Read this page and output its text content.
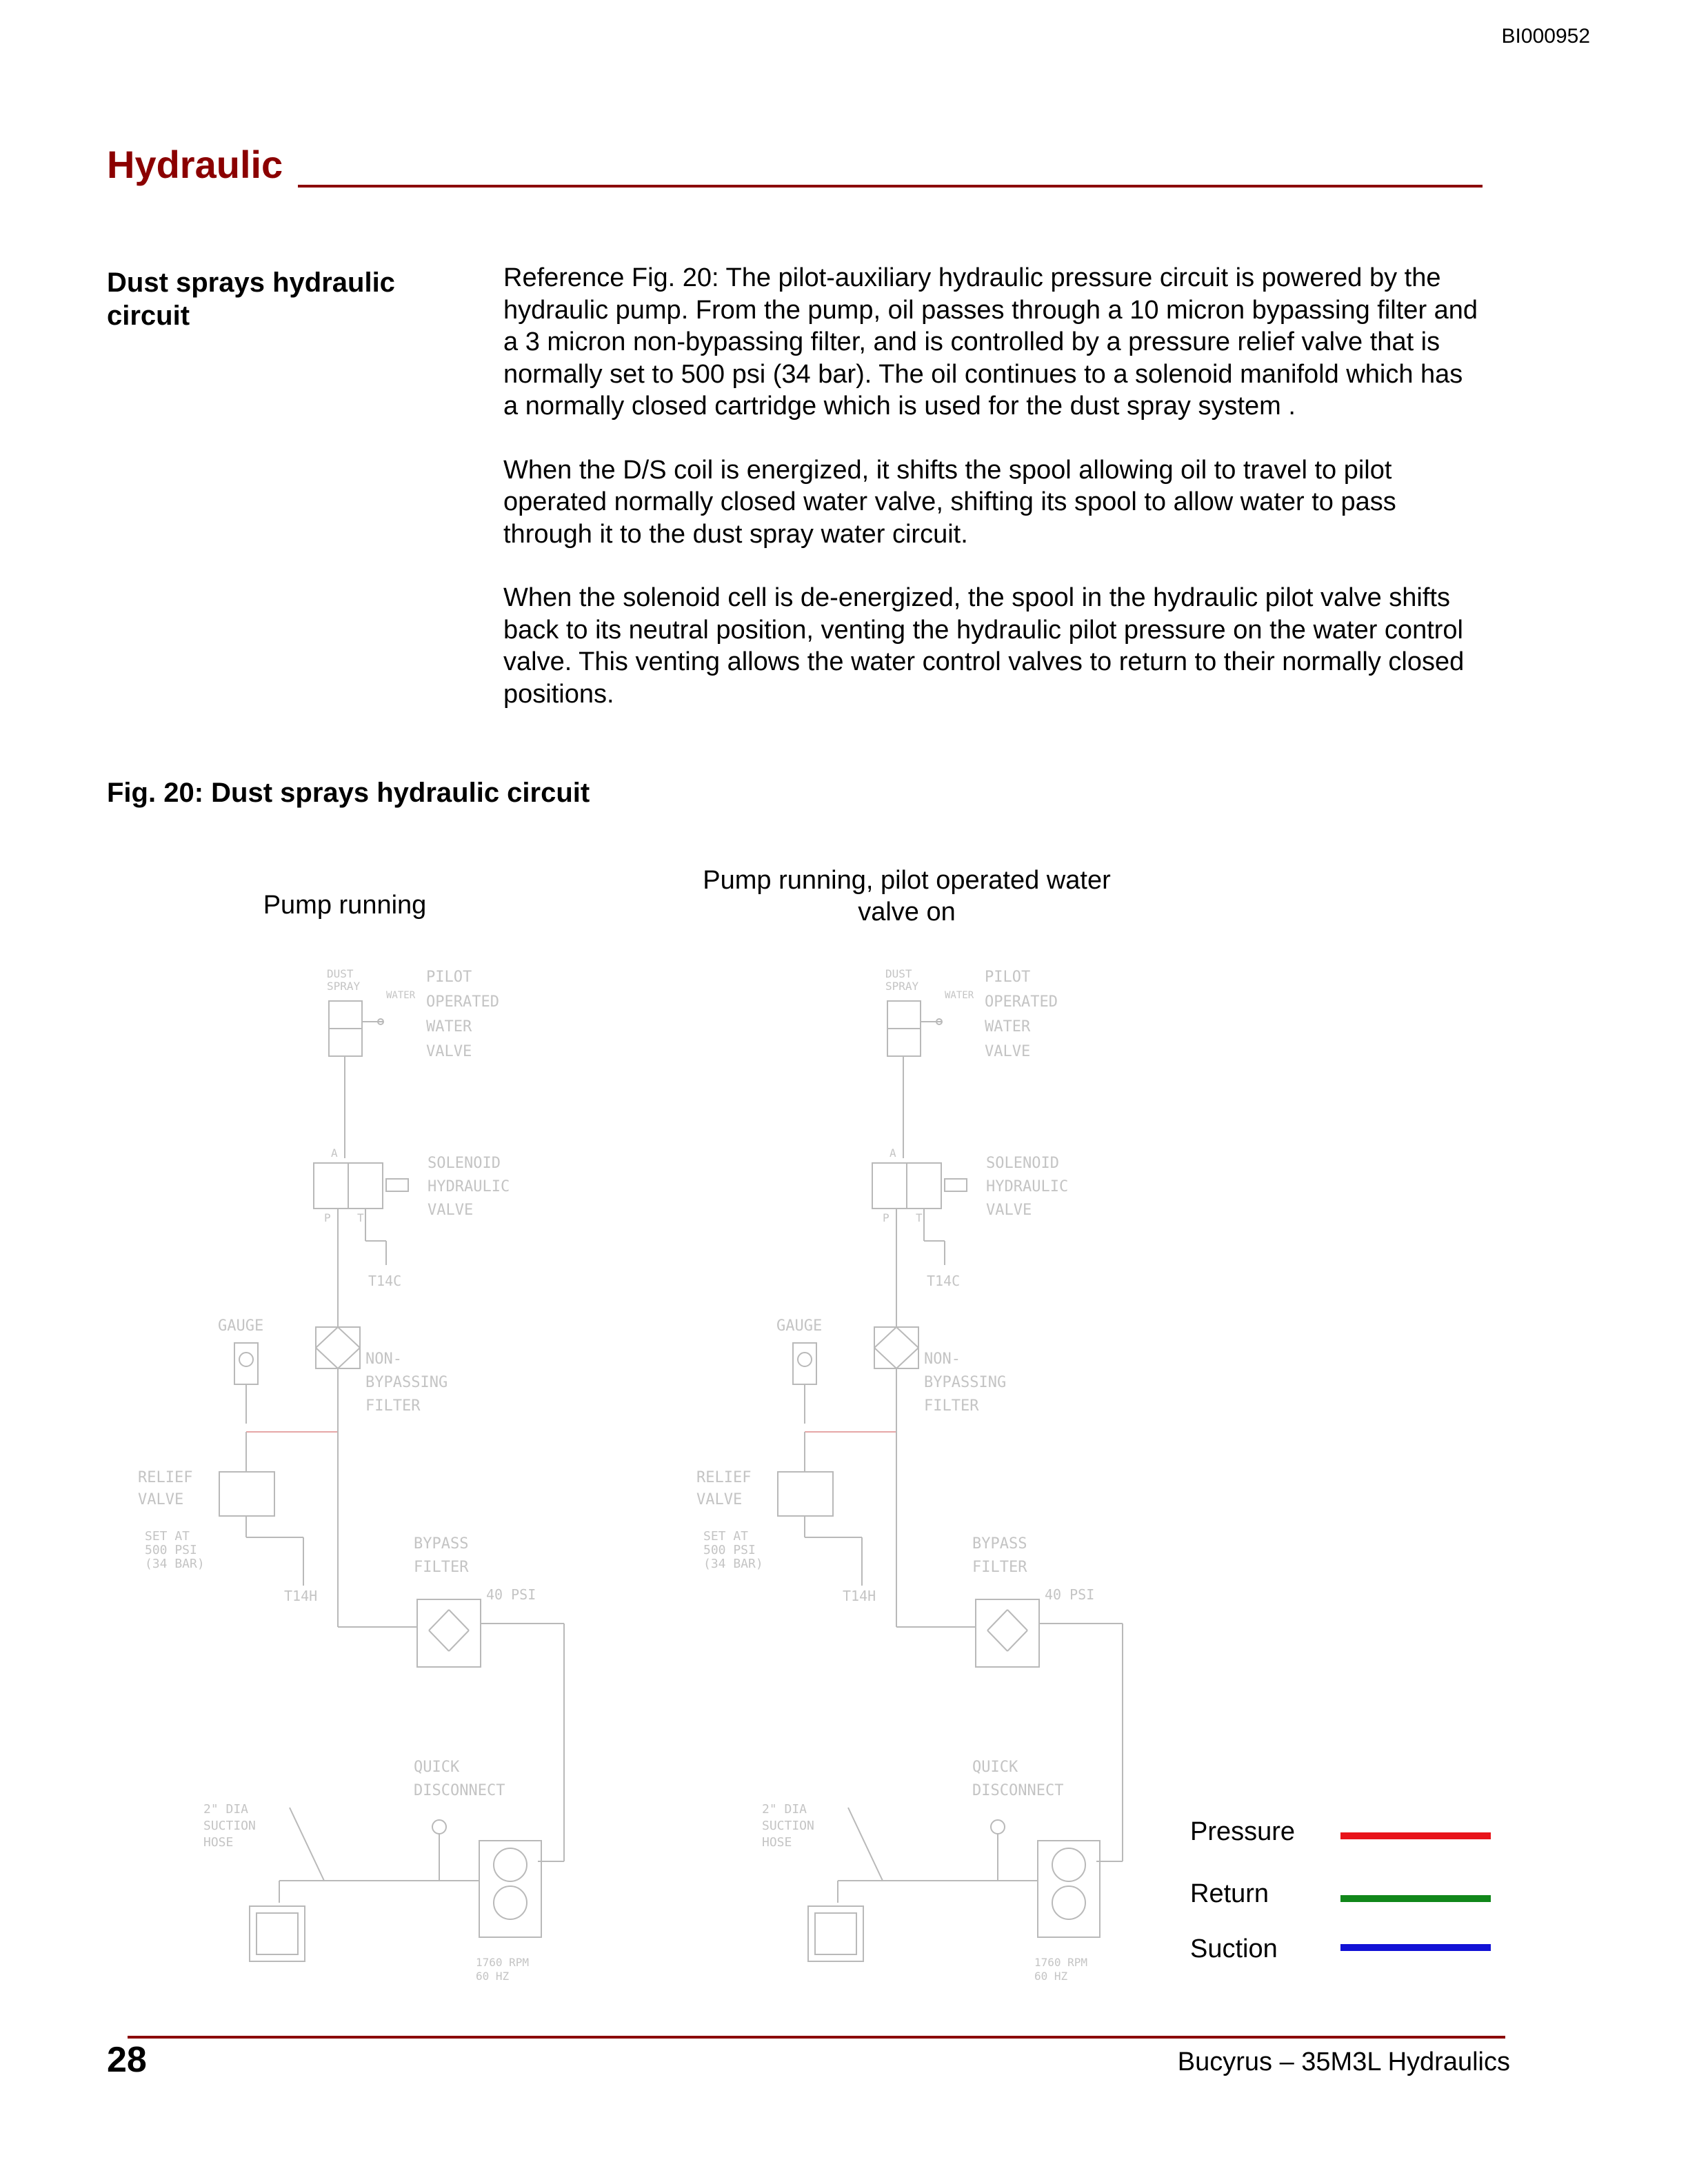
BI000952
Hydraulic
Dust sprays hydraulic circuit

Reference Fig. 20: The pilot-auxiliary hydraulic pressure circuit is powered by the hydraulic pump. From the pump, oil passes through a 10 micron bypassing filter and a 3 micron non-bypassing filter, and is controlled by a pressure relief valve that is normally set to 500 psi (34 bar). The oil continues to a solenoid manifold which has a normally closed cartridge which is used for the dust spray system .

When the D/S coil is energized, it shifts the spool allowing oil to travel to pilot operated normally closed water valve, shifting its spool to allow water to pass through it to the dust spray water circuit.

When the solenoid cell is de-energized, the spool in the hydraulic pilot valve shifts back to its neutral position, venting the hydraulic pilot pressure on the water control valve. This venting allows the water control valves to return to their normally closed positions.

Fig. 20: Dust sprays hydraulic circuit
Pump running
Pump running, pilot operated water valve on
DUST
SPRAY
WATER
PILOT
OPERATED
WATER
VALVE
A
P T
SOLENOID
HYDRAULIC
VALVE
T14C
NON-
BYPASSING
FILTER
GAUGE
RELIEF
VALVE
SET AT
500 PSI
(34 BAR)
T14H
BYPASS
FILTER
40 PSI
QUICK
DISCONNECT
1760 RPM
60 HZ
2" DIA
SUCTION
HOSE
DUST
SPRAY
WATER
PILOT
OPERATED
WATER
VALVE
A
P T
SOLENOID
HYDRAULIC
VALVE
T14C
NON-
BYPASSING
FILTER
GAUGE
RELIEF
VALVE
SET AT
500 PSI
(34 BAR)
T14H
BYPASS
FILTER
40 PSI
QUICK
DISCONNECT
1760 RPM
60 HZ
2" DIA
SUCTION
HOSE	Pressure
Return
Suction
28	Bucyrus – 35M3L Hydraulics
